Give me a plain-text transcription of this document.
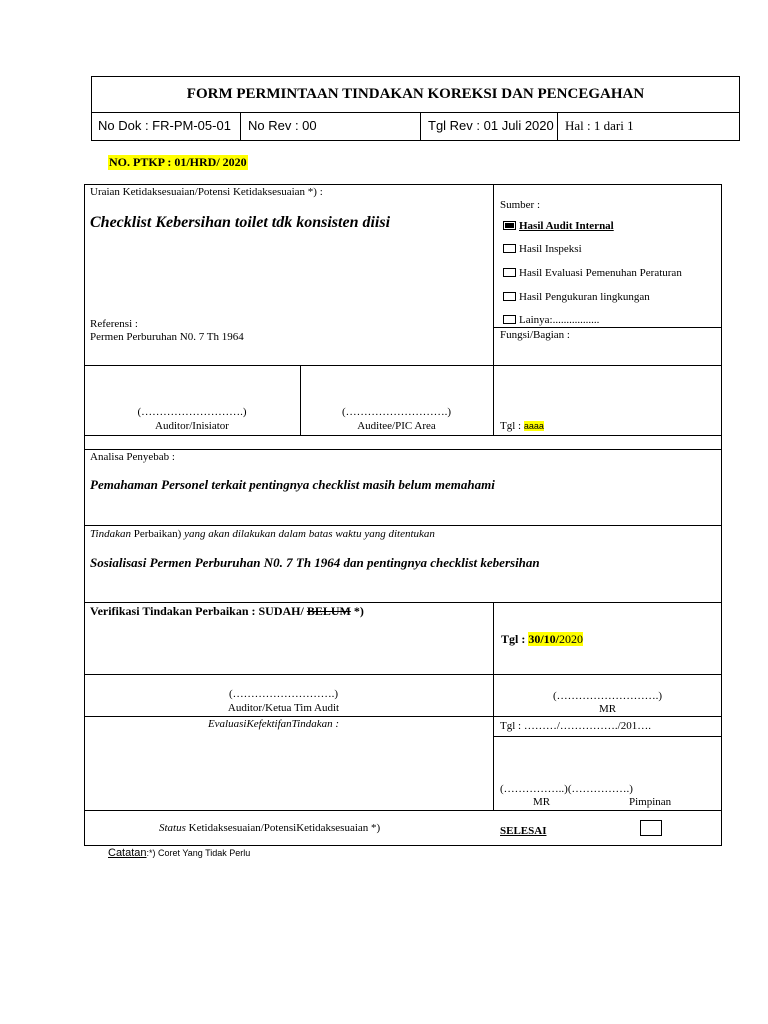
FORM PERMINTAAN TINDAKAN KOREKSI DAN PENCEGAHAN
No Dok : FR-PM-05-01 No Rev : 00	Tgl Rev : 01 Juli 2020 Hal : 1 dari 1
NO. PTKP : 01/HRD/ 2020
Uraian Ketidaksesuaian/Potensi Ketidaksesuaian *) :
Checklist Kebersihan toilet tdk konsisten diisi
Referensi :
Permen Perburuhan N0. 7 Th 1964
Sumber :
Hasil Audit Internal
Hasil Inspeksi
Hasil Evaluasi Pemenuhan Peraturan
Hasil Pengukuran lingkungan
Lainya:.................
Fungsi/Bagian :
(……………………….)
Auditor/Inisiator
(……………………….)
Auditee/PIC Area	Tgl : aaaa
Analisa Penyebab :
Pemahaman Personel terkait pentingnya checklist masih belum memahami
Tindakan Perbaikan) yang akan dilakukan dalam batas waktu yang ditentukan
Sosialisasi Permen Perburuhan N0. 7 Th 1964 dan pentingnya checklist kebersihan
Verifikasi Tindakan Perbaikan : SUDAH/ BELUM *)
Tgl : 30/10/2020
(……………………….)
Auditor/Ketua Tim Audit
(……………………….)
MR
EvaluasiKefektifanTindakan :	Tgl : ………/……………./201….
(……………..)(…………….)
MR	Pimpinan
Status Ketidaksesuaian/PotensiKetidaksesuaian *)	SELESAI
Catatan:*) Coret Yang Tidak Perlu
